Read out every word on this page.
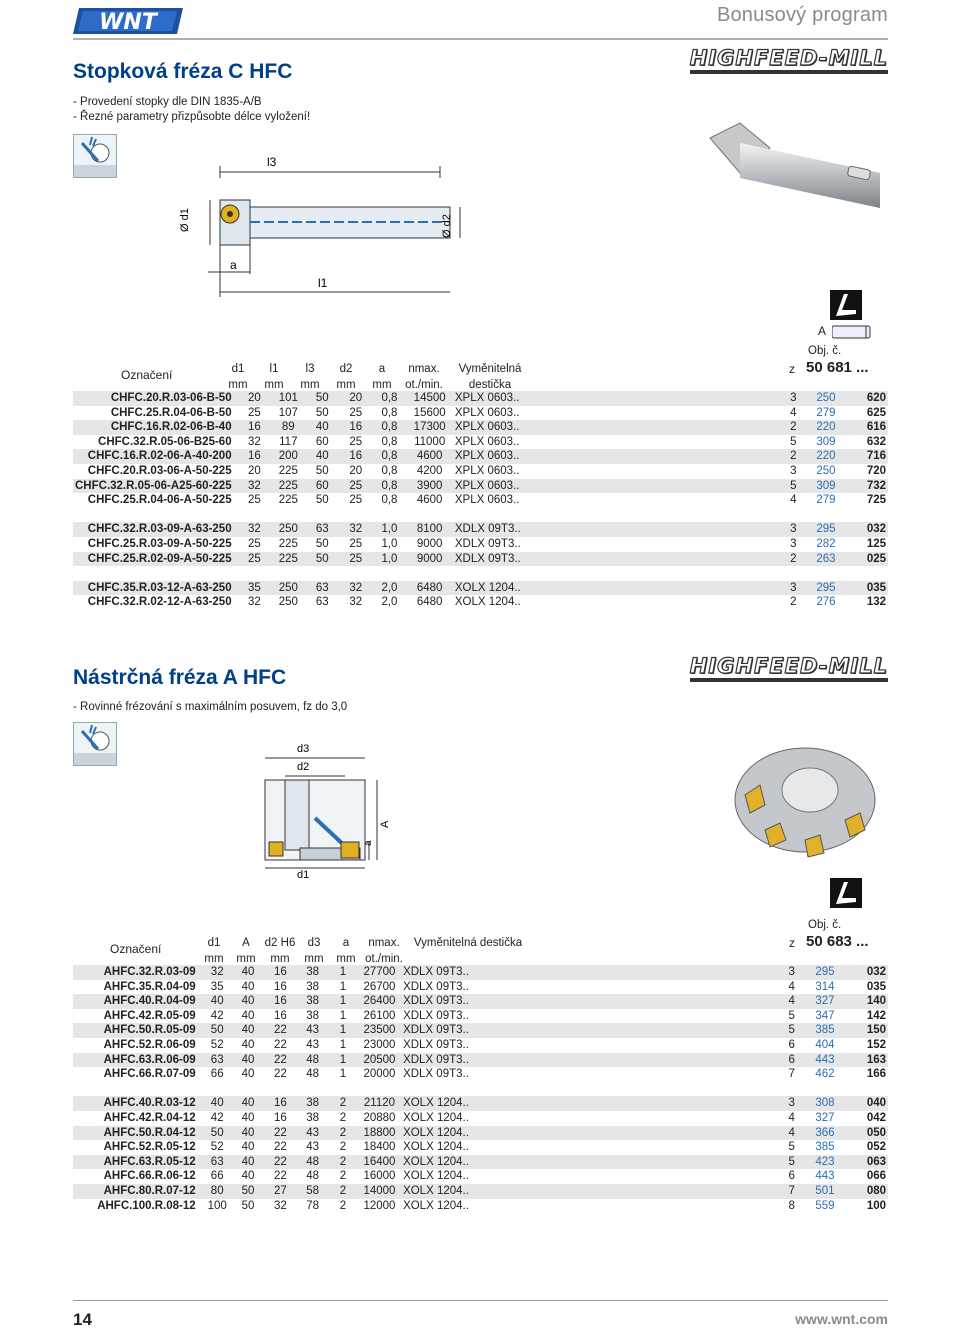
WNT	Bonusový program
Stopková fréza C HFC
HIGHFEED-MILL
- Provedení stopky dle DIN 1835-A/B
- Řezné parametry přizpůsobte délce vyložení!
l3
Ø d1	Ø d2
a
l1
A
Označení	d1	l1	l3	d2	a	nmax.	Vyměnitelná
mm	mm	mm	mm	mm	ot./min.	destička
z
Obj. č.
50 681 ...
CHFC.20.R.03-06-B-50	20	101	50	20	0,8	14500	XPLX 0603..		3	250	620
CHFC.25.R.04-06-B-50	25	107	50	25	0,8	15600	XPLX 0603..		4	279	625
CHFC.16.R.02-06-B-40	16	89	40	16	0,8	17300	XPLX 0603..		2	220	616
CHFC.32.R.05-06-B25-60	32	117	60	25	0,8	11000	XPLX 0603..		5	309	632
CHFC.16.R.02-06-A-40-200	16	200	40	16	0,8	4600	XPLX 0603..		2	220	716
CHFC.20.R.03-06-A-50-225	20	225	50	20	0,8	4200	XPLX 0603..		3	250	720
CHFC.32.R.05-06-A25-60-225	32	225	60	25	0,8	3900	XPLX 0603..		5	309	732
CHFC.25.R.04-06-A-50-225	25	225	50	25	0,8	4600	XPLX 0603..		4	279	725

CHFC.32.R.03-09-A-63-250	32	250	63	32	1,0	8100	XDLX 09T3..		3	295	032
CHFC.25.R.03-09-A-50-225	25	225	50	25	1,0	9000	XDLX 09T3..		3	282	125
CHFC.25.R.02-09-A-50-225	25	225	50	25	1,0	9000	XDLX 09T3..		2	263	025

CHFC.35.R.03-12-A-63-250	35	250	63	32	2,0	6480	XOLX 1204..		3	295	035
CHFC.32.R.02-12-A-63-250	32	250	63	32	2,0	6480	XOLX 1204..		2	276	132
Nástrčná fréza A HFC	HIGHFEED-MILL
- Rovinné frézování s maximálním posuvem, fz do 3,0
d3
d2
A
a
d1
Označení	d1	A	d2 H6	d3	a	nmax.	Vyměnitelná destička
mm	mm	mm	mm	mm	ot./min.	
z
Obj. č.
50 683 ...
AHFC.32.R.03-09	32	40	16	38	1	27700	XDLX 09T3..		3	295	032
AHFC.35.R.04-09	35	40	16	38	1	26700	XDLX 09T3..		4	314	035
AHFC.40.R.04-09	40	40	16	38	1	26400	XDLX 09T3..		4	327	140
AHFC.42.R.05-09	42	40	16	38	1	26100	XDLX 09T3..		5	347	142
AHFC.50.R.05-09	50	40	22	43	1	23500	XDLX 09T3..		5	385	150
AHFC.52.R.06-09	52	40	22	43	1	23000	XDLX 09T3..		6	404	152
AHFC.63.R.06-09	63	40	22	48	1	20500	XDLX 09T3..		6	443	163
AHFC.66.R.07-09	66	40	22	48	1	20000	XDLX 09T3..		7	462	166

AHFC.40.R.03-12	40	40	16	38	2	21120	XOLX 1204..		3	308	040
AHFC.42.R.04-12	42	40	16	38	2	20880	XOLX 1204..		4	327	042
AHFC.50.R.04-12	50	40	22	43	2	18800	XOLX 1204..		4	366	050
AHFC.52.R.05-12	52	40	22	43	2	18400	XOLX 1204..		5	385	052
AHFC.63.R.05-12	63	40	22	48	2	16400	XOLX 1204..		5	423	063
AHFC.66.R.06-12	66	40	22	48	2	16000	XOLX 1204..		6	443	066
AHFC.80.R.07-12	80	50	27	58	2	14000	XOLX 1204..		7	501	080
AHFC.100.R.08-12	100	50	32	78	2	12000	XOLX 1204..		8	559	100
14	www.wnt.com
